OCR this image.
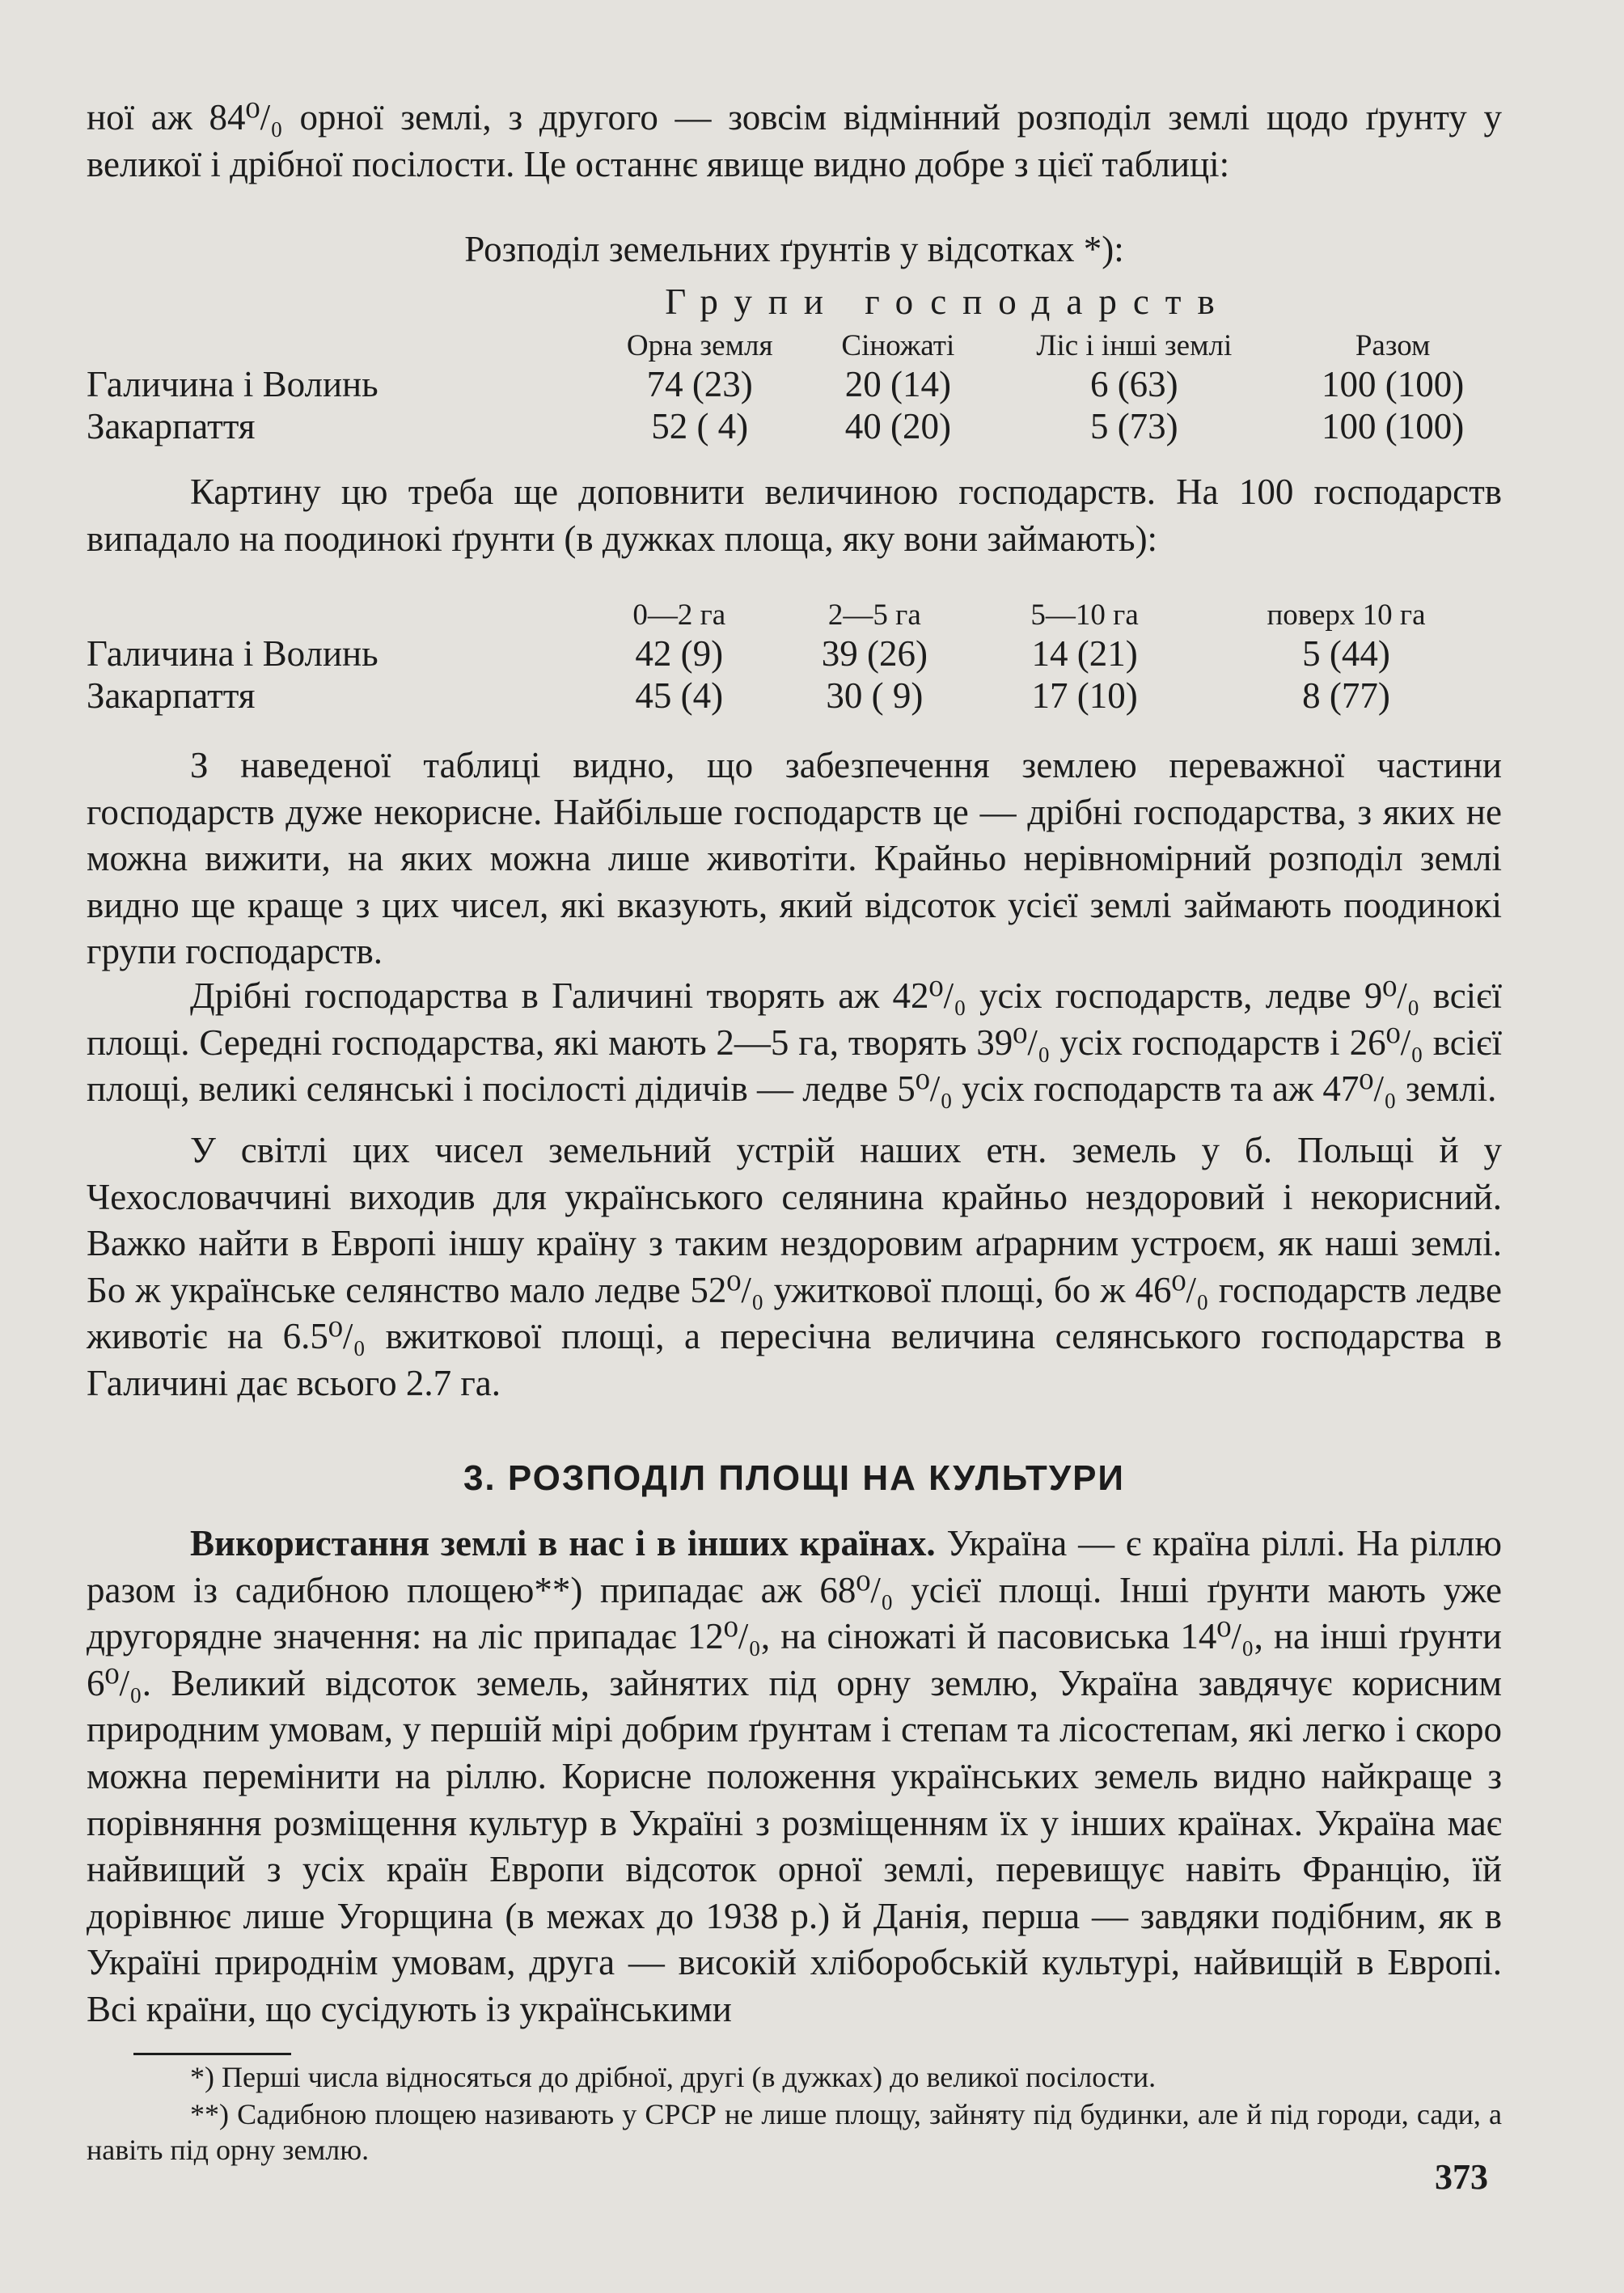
ної аж 84⁰/₀ орної землі, з другого — зовсім відмінний розподіл землі щодо ґрунту у великої і дрібної посілости. Це останнє явище видно добре з цієї таблиці:

Розподіл земельних ґрунтів у відсотках *):
Групи господарств
	Орна земля	Сіножаті	Ліс і інші землі	Разом
Галичина і Волинь	74 (23)	20 (14)	6 (63)	100 (100)
Закарпаття	52 ( 4)	40 (20)	5 (73)	100 (100)

Картину цю треба ще доповнити величиною господарств. На 100 господарств випадало на поодинокі ґрунти (в дужках площа, яку вони займають):

	0—2 га	2—5 га	5—10 га	поверх 10 га
Галичина і Волинь	42 (9)	39 (26)	14 (21)	5 (44)
Закарпаття	45 (4)	30 ( 9)	17 (10)	8 (77)

З наведеної таблиці видно, що забезпечення землею переважної частини господарств дуже некорисне. Найбільше господарств це — дрібні господарства, з яких не можна вижити, на яких можна лише животіти. Крайньо нерівномірний розподіл землі видно ще краще з цих чисел, які вказують, який відсоток усієї землі займають поодинокі групи господарств.

Дрібні господарства в Галичині творять аж 42⁰/₀ усіх господарств, ледве 9⁰/₀ всієї площі. Середні господарства, які мають 2—5 га, творять 39⁰/₀ усіх господарств і 26⁰/₀ всієї площі, великі селянські і посілості дідичів — ледве 5⁰/₀ усіх господарств та аж 47⁰/₀ землі.

У світлі цих чисел земельний устрій наших етн. земель у б. Польщі й у Чехословаччині виходив для українського селянина крайньо нездоровий і некорисний. Важко найти в Европі іншу країну з таким нездоровим аґрарним устроєм, як наші землі. Бо ж українське селянство мало ледве 52⁰/₀ ужиткової площі, бо ж 46⁰/₀ господарств ледве животіє на 6.5⁰/₀ вжиткової площі, а пересічна величина селянського господарства в Галичині дає всього 2.7 га.

3. РОЗПОДІЛ ПЛОЩІ НА КУЛЬТУРИ

Використання землі в нас і в інших країнах. Україна — є країна ріллі. На ріллю разом із садибною площею**) припадає аж 68⁰/₀ усієї площі. Інші ґрунти мають уже другорядне значення: на ліс припадає 12⁰/₀, на сіножаті й пасовиська 14⁰/₀, на інші ґрунти 6⁰/₀. Великий відсоток земель, зайнятих під орну землю, Україна завдячує корисним природним умовам, у першій мірі добрим ґрунтам і степам та лісостепам, які легко і скоро можна перемінити на ріллю. Корисне положення українських земель видно найкраще з порівняння розміщення культур в Україні з розміщенням їх у інших країнах. Україна має найвищий з усіх країн Европи відсоток орної землі, перевищує навіть Францію, їй дорівнює лише Угорщина (в межах до 1938 р.) й Данія, перша — завдяки подібним, як в Україні природнім умовам, друга — високій хліборобській культурі, найвищій в Европі. Всі країни, що сусідують із українськими

*) Перші числа відносяться до дрібної, другі (в дужках) до великої посілости.

**) Садибною площею називають у СРСР не лише площу, зайняту під будинки, але й під городи, сади, а навіть під орну землю.

373
